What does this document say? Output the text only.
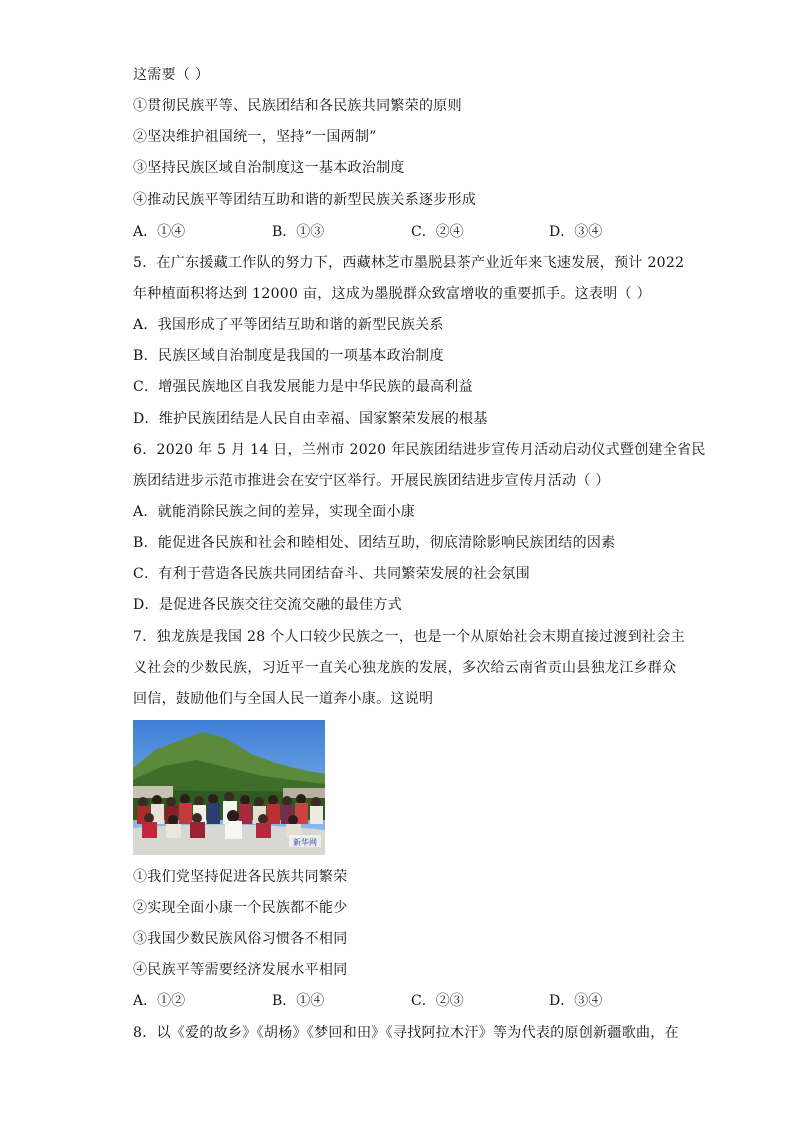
这需要（ ）
①贯彻民族平等、民族团结和各民族共同繁荣的原则
②坚决维护祖国统一，坚持“一国两制”
③坚持民族区域自治制度这一基本政治制度
④推动民族平等团结互助和谐的新型民族关系逐步形成
A．①④	B．①③	C．②④	D．③④
5．在广东援藏工作队的努力下，西藏林芝市墨脱县茶产业近年来飞速发展，预计 2022
年种植面积将达到 12000 亩，这成为墨脱群众致富增收的重要抓手。这表明（ ）
A．我国形成了平等团结互助和谐的新型民族关系
B．民族区域自治制度是我国的一项基本政治制度
C．增强民族地区自我发展能力是中华民族的最高利益
D．维护民族团结是人民自由幸福、国家繁荣发展的根基
6．2020 年 5 月 14 日，兰州市 2020 年民族团结进步宣传月活动启动仪式暨创建全省民
族团结进步示范市推进会在安宁区举行。开展民族团结进步宣传月活动（ ）
A．就能消除民族之间的差异，实现全面小康
B．能促进各民族和社会和睦相处、团结互助，彻底清除影响民族团结的因素
C．有利于营造各民族共同团结奋斗、共同繁荣发展的社会氛围
D．是促进各民族交往交流交融的最佳方式
7．独龙族是我国 28 个人口较少民族之一，也是一个从原始社会末期直接过渡到社会主
义社会的少数民族，习近平一直关心独龙族的发展，多次给云南省贡山县独龙江乡群众
回信，鼓励他们与全国人民一道奔小康。这说明
新华网
①我们党坚持促进各民族共同繁荣
②实现全面小康一个民族都不能少
③我国少数民族风俗习惯各不相同
④民族平等需要经济发展水平相同
A．①②	B．①④	C．②③	D．③④
8．以《爱的故乡》《胡杨》《梦回和田》《寻找阿拉木汗》等为代表的原创新疆歌曲，在
